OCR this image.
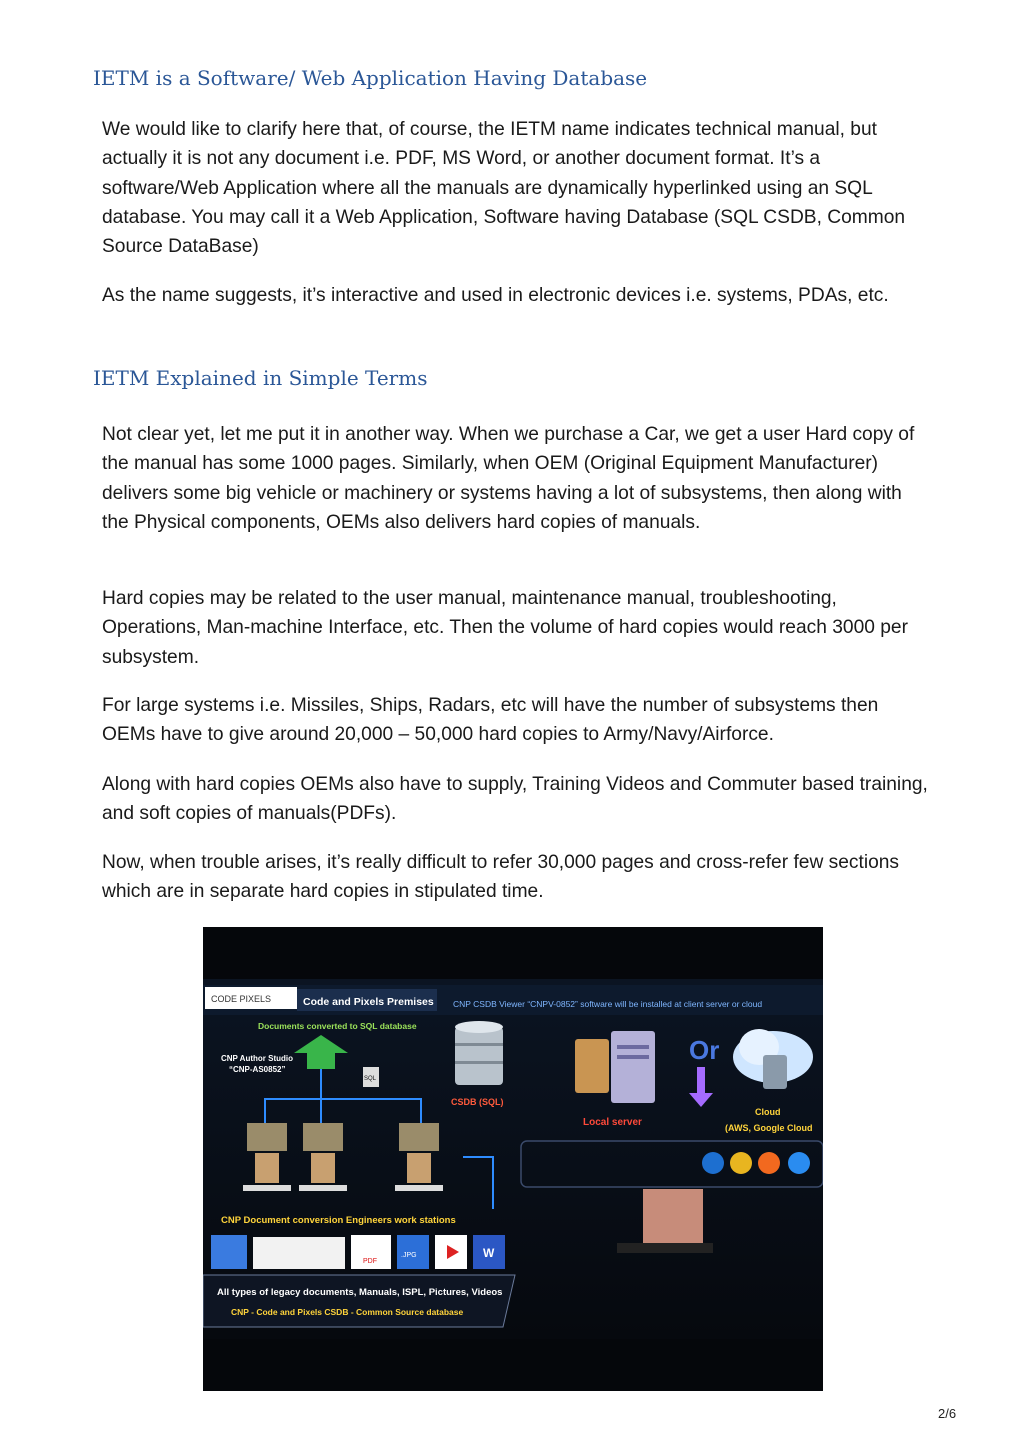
IETM is a Software/ Web Application Having Database

We would like to clarify here that, of course, the IETM name indicates technical manual, but actually it is not any document i.e. PDF, MS Word, or another document format. It’s a software/Web Application where all the manuals are dynamically hyperlinked using an SQL database. You may call it a Web Application, Software having Database (SQL CSDB, Common Source DataBase)

As the name suggests, it’s interactive and used in electronic devices i.e. systems, PDAs, etc.

IETM Explained in Simple Terms

Not clear yet, let me put it in another way. When we purchase a Car, we get a user Hard copy of the manual has some 1000 pages. Similarly, when OEM (Original Equipment Manufacturer) delivers some big vehicle or machinery or systems having a lot of subsystems, then along with the Physical components, OEMs also delivers hard copies of manuals.

Hard copies may be related to the user manual, maintenance manual, troubleshooting, Operations, Man-machine Interface, etc. Then the volume of hard copies would reach 3000 per subsystem.

For large systems i.e. Missiles, Ships, Radars, etc will have the number of subsystems then OEMs have to give around 20,000 – 50,000 hard copies to Army/Navy/Airforce.

Along with hard copies OEMs also have to supply, Training Videos and Commuter based training, and soft copies of manuals(PDFs).

Now, when trouble arises, it’s really difficult to refer 30,000 pages and cross-refer few sections which are in separate hard copies in stipulated time.

CODE PIXELS	Code and Pixels Premises CNP CSDB Viewer “CNPV-0852” software will be installed at client server or cloud
Documents converted to SQL database
SQL
CNP Author Studio
“CNP-AS0852”
CSDB (SQL)
Local server
Or
Cloud
(AWS, Google Cloud
CNP Document conversion Engineers work stations
PDF
.JPG	W
All types of legacy documents, Manuals, ISPL, Pictures, Videos
CNP - Code and Pixels CSDB - Common Source database
2/6
